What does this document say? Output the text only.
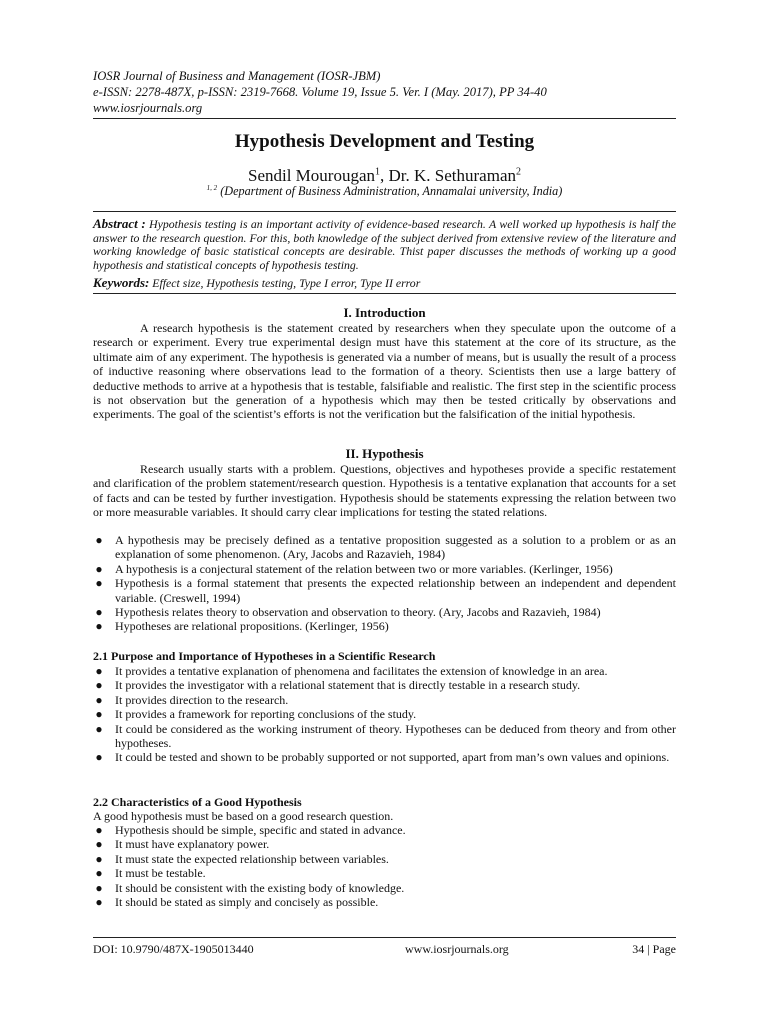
IOSR Journal of Business and Management (IOSR-JBM)
e-ISSN: 2278-487X, p-ISSN: 2319-7668. Volume 19, Issue 5. Ver. I (May. 2017), PP 34-40
www.iosrjournals.org
Hypothesis Development and Testing
Sendil Mourougan$^1$, Dr. K. Sethuraman$^2$
$^{1, 2}$ (Department of Business Administration, Annamalai university, India)
Abstract : Hypothesis testing is an important activity of evidence-based research. A well worked up hypothesis is half the answer to the research question. For this, both knowledge of the subject derived from extensive review of the literature and working knowledge of basic statistical concepts are desirable. Thist paper discusses the methods of working up a good hypothesis and statistical concepts of hypothesis testing.
Keywords: Effect size, Hypothesis testing, Type I error, Type II error
I. Introduction
A research hypothesis is the statement created by researchers when they speculate upon the outcome of a research or experiment. Every true experimental design must have this statement at the core of its structure, as the ultimate aim of any experiment. The hypothesis is generated via a number of means, but is usually the result of a process of inductive reasoning where observations lead to the formation of a theory. Scientists then use a large battery of deductive methods to arrive at a hypothesis that is testable, falsifiable and realistic. The first step in the scientific process is not observation but the generation of a hypothesis which may then be tested critically by observations and experiments. The goal of the scientist’s efforts is not the verification but the falsification of the initial hypothesis.
II. Hypothesis
Research usually starts with a problem. Questions, objectives and hypotheses provide a specific restatement and clarification of the problem statement/research question. Hypothesis is a tentative explanation that accounts for a set of facts and can be tested by further investigation. Hypothesis should be statements expressing the relation between two or more measurable variables. It should carry clear implications for testing the stated relations.
● A hypothesis may be precisely defined as a tentative proposition suggested as a solution to a problem or as an explanation of some phenomenon. (Ary, Jacobs and Razavieh, 1984)
● A hypothesis is a conjectural statement of the relation between two or more variables. (Kerlinger, 1956)
● Hypothesis is a formal statement that presents the expected relationship between an independent and dependent variable. (Creswell, 1994)
● Hypothesis relates theory to observation and observation to theory. (Ary, Jacobs and Razavieh, 1984)
● Hypotheses are relational propositions. (Kerlinger, 1956)
2.1 Purpose and Importance of Hypotheses in a Scientific Research
● It provides a tentative explanation of phenomena and facilitates the extension of knowledge in an area.
● It provides the investigator with a relational statement that is directly testable in a research study.
● It provides direction to the research.
● It provides a framework for reporting conclusions of the study.
● It could be considered as the working instrument of theory. Hypotheses can be deduced from theory and from other hypotheses.
● It could be tested and shown to be probably supported or not supported, apart from man’s own values and opinions.
2.2 Characteristics of a Good Hypothesis
A good hypothesis must be based on a good research question.
● Hypothesis should be simple, specific and stated in advance.
● It must have explanatory power.
● It must state the expected relationship between variables.
● It must be testable.
● It should be consistent with the existing body of knowledge.
● It should be stated as simply and concisely as possible.
DOI: 10.9790/487X-1905013440	www.iosrjournals.org	34 | Page
